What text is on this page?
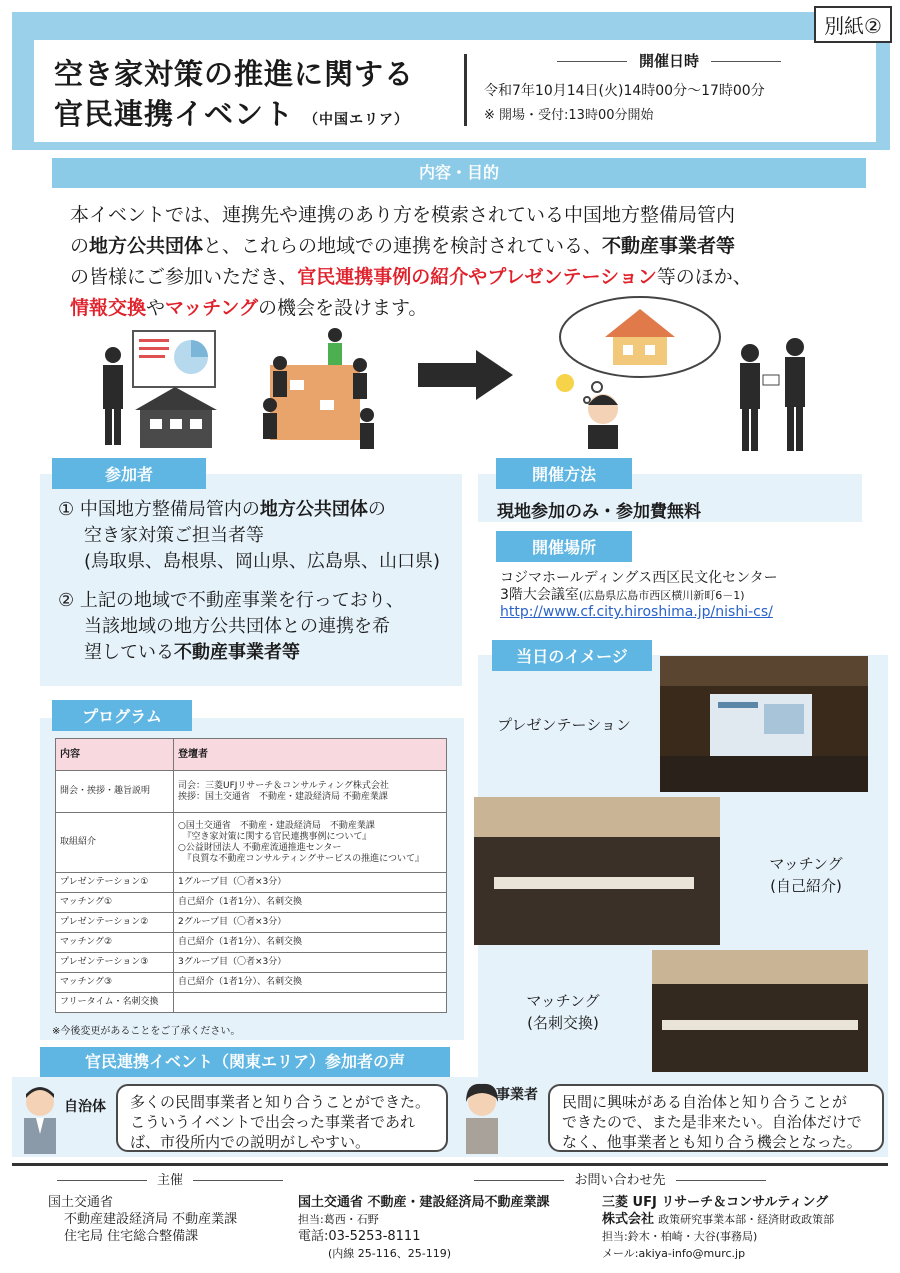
空き家対策の推進に関する
官民連携イベント （中国エリア）
開催日時
令和7年10月14日(火)14時00分～17時00分
※ 開場・受付:13時00分開始
別紙②
内容・目的
本イベントでは、連携先や連携のあり方を模索されている中国地方整備局管内
の地方公共団体と、これらの地域での連携を検討されている、不動産事業者等
の皆様にご参加いただき、官民連携事例の紹介やプレゼンテーション等のほか、
情報交換やマッチングの機会を設けます。
参加者
① 中国地方整備局管内の地方公共団体の
空き家対策ご担当者等
(鳥取県、島根県、岡山県、広島県、山口県)
② 上記の地域で不動産事業を行っており、
当該地域の地方公共団体との連携を希
望している不動産事業者等
開催方法
現地参加のみ・参加費無料
開催場所
コジマホールディングス西区民文化センター
3階大会議室(広島県広島市西区横川新町6－1)
http://www.cf.city.hiroshima.jp/nishi-cs/
当日のイメージ
プレゼンテーション
マッチング
(自己紹介)
マッチング
(名刺交換)
プログラム
内容	登壇者
開会・挨拶・趣旨説明	司会：三菱UFJリサーチ＆コンサルティング株式会社
挨拶：国土交通省　不動産・建設経済局 不動産業課

取組紹介	○国土交通省　不動産・建設経済局　不動産業課
　『空き家対策に関する官民連携事例について』
○公益財団法人 不動産流通推進センター
　『良質な不動産コンサルティングサービスの推進について』

プレゼンテーション①	1グループ目（〇者×3分）
マッチング①	自己紹介（1者1分）、名刺交換
プレゼンテーション②	2グループ目（〇者×3分）
マッチング②	自己紹介（1者1分）、名刺交換
プレゼンテーション③	3グループ目（〇者×3分）
マッチング③	自己紹介（1者1分）、名刺交換
フリータイム・名刺交換	
※今後変更があることをご了承ください。
官民連携イベント（関東エリア）参加者の声
自治体 多くの民間事業者と知り合うことができた。
こういうイベントで出会った事業者であれ
ば、市役所内での説明がしやすい。
事業者 民間に興味がある自治体と知り合うことが
できたので、また是非来たい。自治体だけで
なく、他事業者とも知り合う機会となった。
主催	お問い合わせ先
国土交通省
不動産建設経済局 不動産業課
住宅局 住宅総合整備課
国土交通省 不動産・建設経済局不動産業課
担当:葛西・石野
電話:03-5253-8111
(内線 25-116、25-119)
三菱 UFJ リサーチ＆コンサルティング
株式会社 政策研究事業本部・経済財政政策部
担当:鈴木・柏崎・大谷(事務局)
メール:akiya-info@murc.jp
